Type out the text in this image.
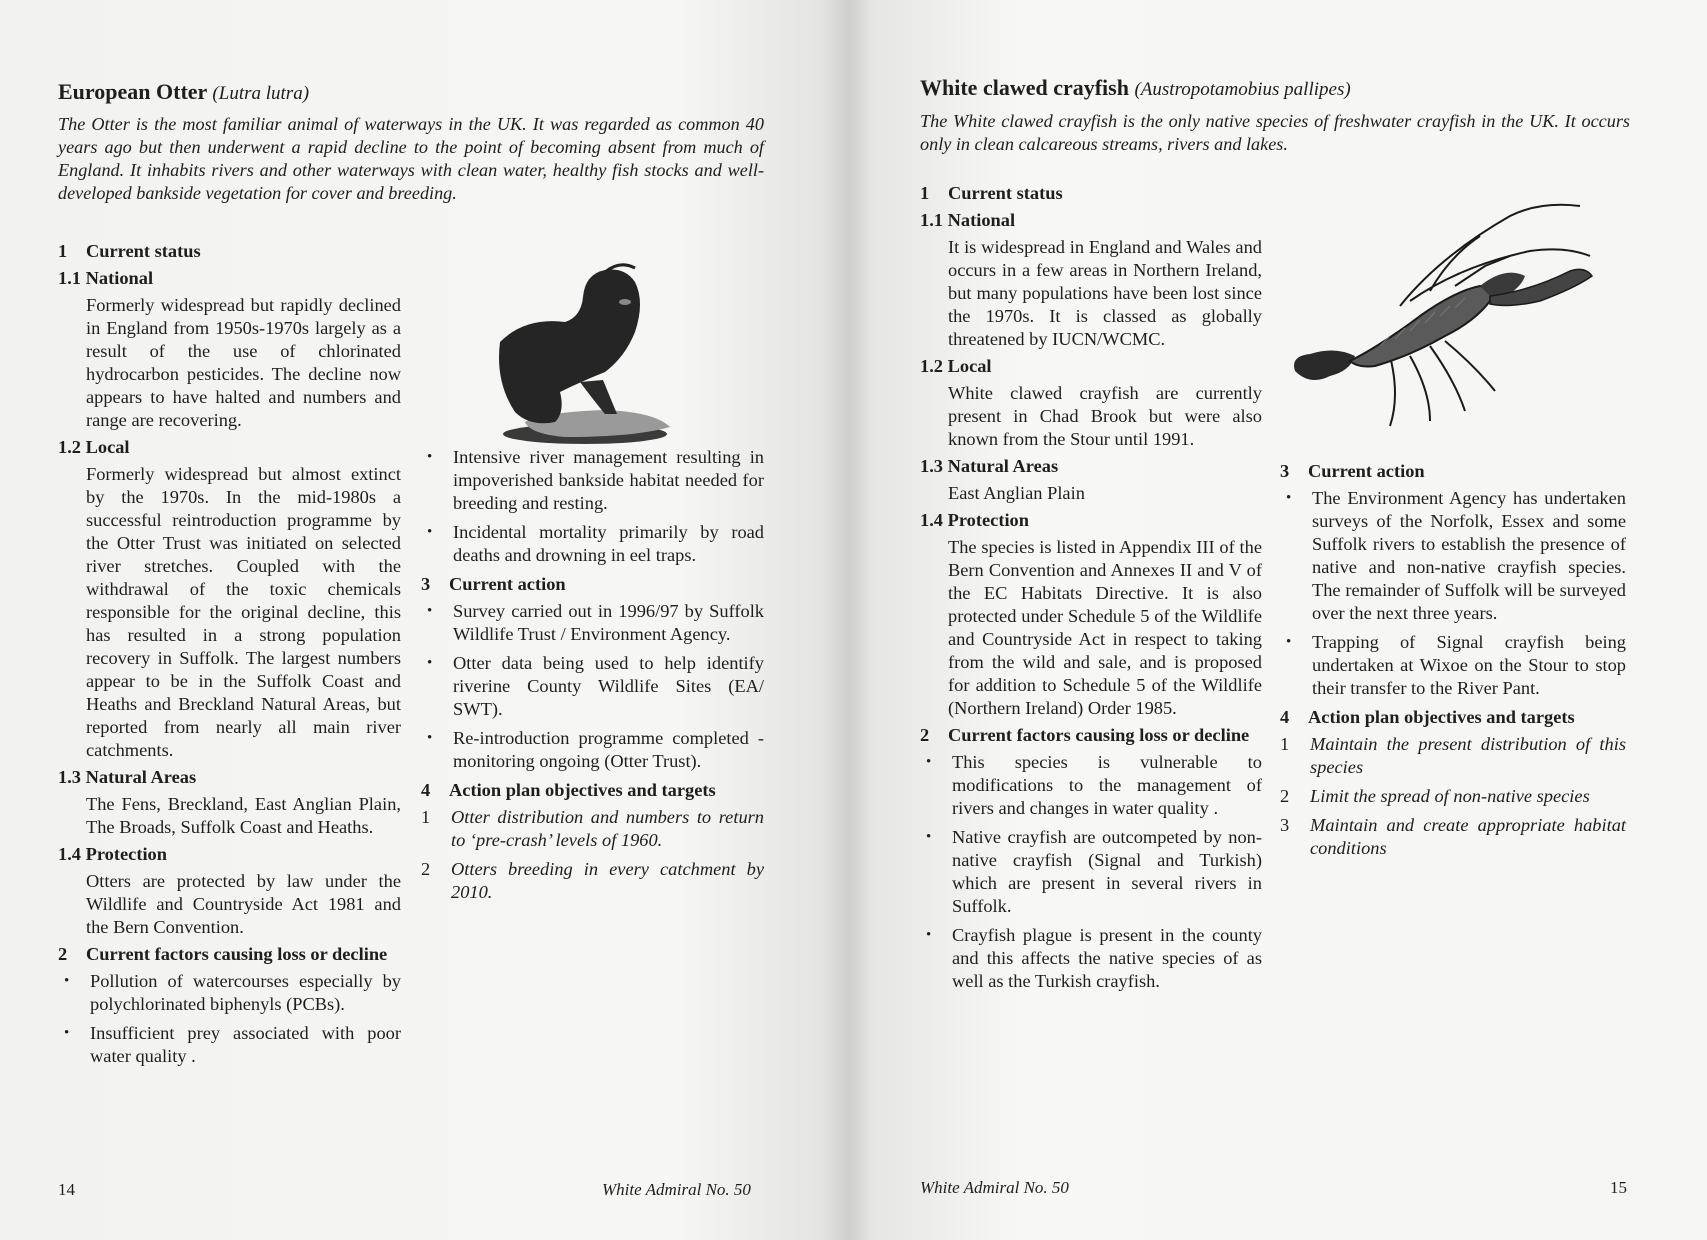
European Otter (Lutra lutra)
The Otter is the most familiar animal of waterways in the UK. It was regarded as common 40 years ago but then underwent a rapid decline to the point of becoming absent from much of England. It inhabits rivers and other waterways with clean water, healthy fish stocks and well-developed bankside vegetation for cover and breeding.
1 Current status
1.1 National
Formerly widespread but rapidly declined in England from 1950s-1970s largely as a result of the use of chlorinated hydrocarbon pesticides. The decline now appears to have halted and numbers and range are recovering.
1.2 Local
Formerly widespread but almost extinct by the 1970s. In the mid-1980s a successful reintroduction programme by the Otter Trust was initiated on selected river stretches. Coupled with the withdrawal of the toxic chemicals responsible for the original decline, this has resulted in a strong population recovery in Suffolk. The largest numbers appear to be in the Suffolk Coast and Heaths and Breckland Natural Areas, but reported from nearly all main river catchments.
1.3 Natural Areas
The Fens, Breckland, East Anglian Plain, The Broads, Suffolk Coast and Heaths.
1.4 Protection
Otters are protected by law under the Wildlife and Countryside Act 1981 and the Bern Convention.
2	Current factors causing loss or decline
• Pollution of watercourses especially by polychlorinated biphenyls (PCBs).
• Insufficient prey associated with poor water quality .
• Intensive river management resulting in impoverished bankside habitat needed for breeding and resting.
• Incidental mortality primarily by road deaths and drowning in eel traps.
3 Current action
• Survey carried out in 1996/97 by Suffolk Wildlife Trust / Environment Agency.
• Otter data being used to help identify riverine County Wildlife Sites (EA/ SWT).
• Re-introduction programme completed -monitoring ongoing (Otter Trust).
4 Action plan objectives and targets
1	Otter distribution and numbers to return to ‘pre-crash’ levels of 1960.
2	Otters breeding in every catchment by 2010.
14	White Admiral No. 50
White clawed crayfish (Austropotamobius pallipes)
The White clawed crayfish is the only native species of freshwater crayfish in the UK. It occurs only in clean calcareous streams, rivers and lakes.
1 Current status
1.1 National
It is widespread in England and Wales and occurs in a few areas in Northern Ireland, but many populations have been lost since the 1970s. It is classed as globally threatened by IUCN/WCMC.
1.2 Local
White clawed crayfish are currently present in Chad Brook but were also known from the Stour until 1991.
1.3 Natural Areas
East Anglian Plain
1.4 Protection
The species is listed in Appendix III of the Bern Convention and Annexes II and V of the EC Habitats Directive. It is also protected under Schedule 5 of the Wildlife and Countryside Act in respect to taking from the wild and sale, and is proposed for addition to Schedule 5 of the Wildlife (Northern Ireland) Order 1985.
2	Current factors causing loss or decline
• This species is vulnerable to modifications to the management of rivers and changes in water quality .
• Native crayfish are outcompeted by non-native crayfish (Signal and Turkish) which are present in several rivers in Suffolk.
• Crayfish plague is present in the county and this affects the native species of as well as the Turkish crayfish.
3 Current action
• The Environment Agency has undertaken surveys of the Norfolk, Essex and some Suffolk rivers to establish the presence of native and non-native crayfish species. The remainder of Suffolk will be surveyed over the next three years.
• Trapping of Signal crayfish being undertaken at Wixoe on the Stour to stop their transfer to the River Pant.
4 Action plan objectives and targets
1	Maintain the present distribution of this species
2	Limit the spread of non-native species
3	Maintain and create appropriate habitat conditions
White Admiral No. 50	15
